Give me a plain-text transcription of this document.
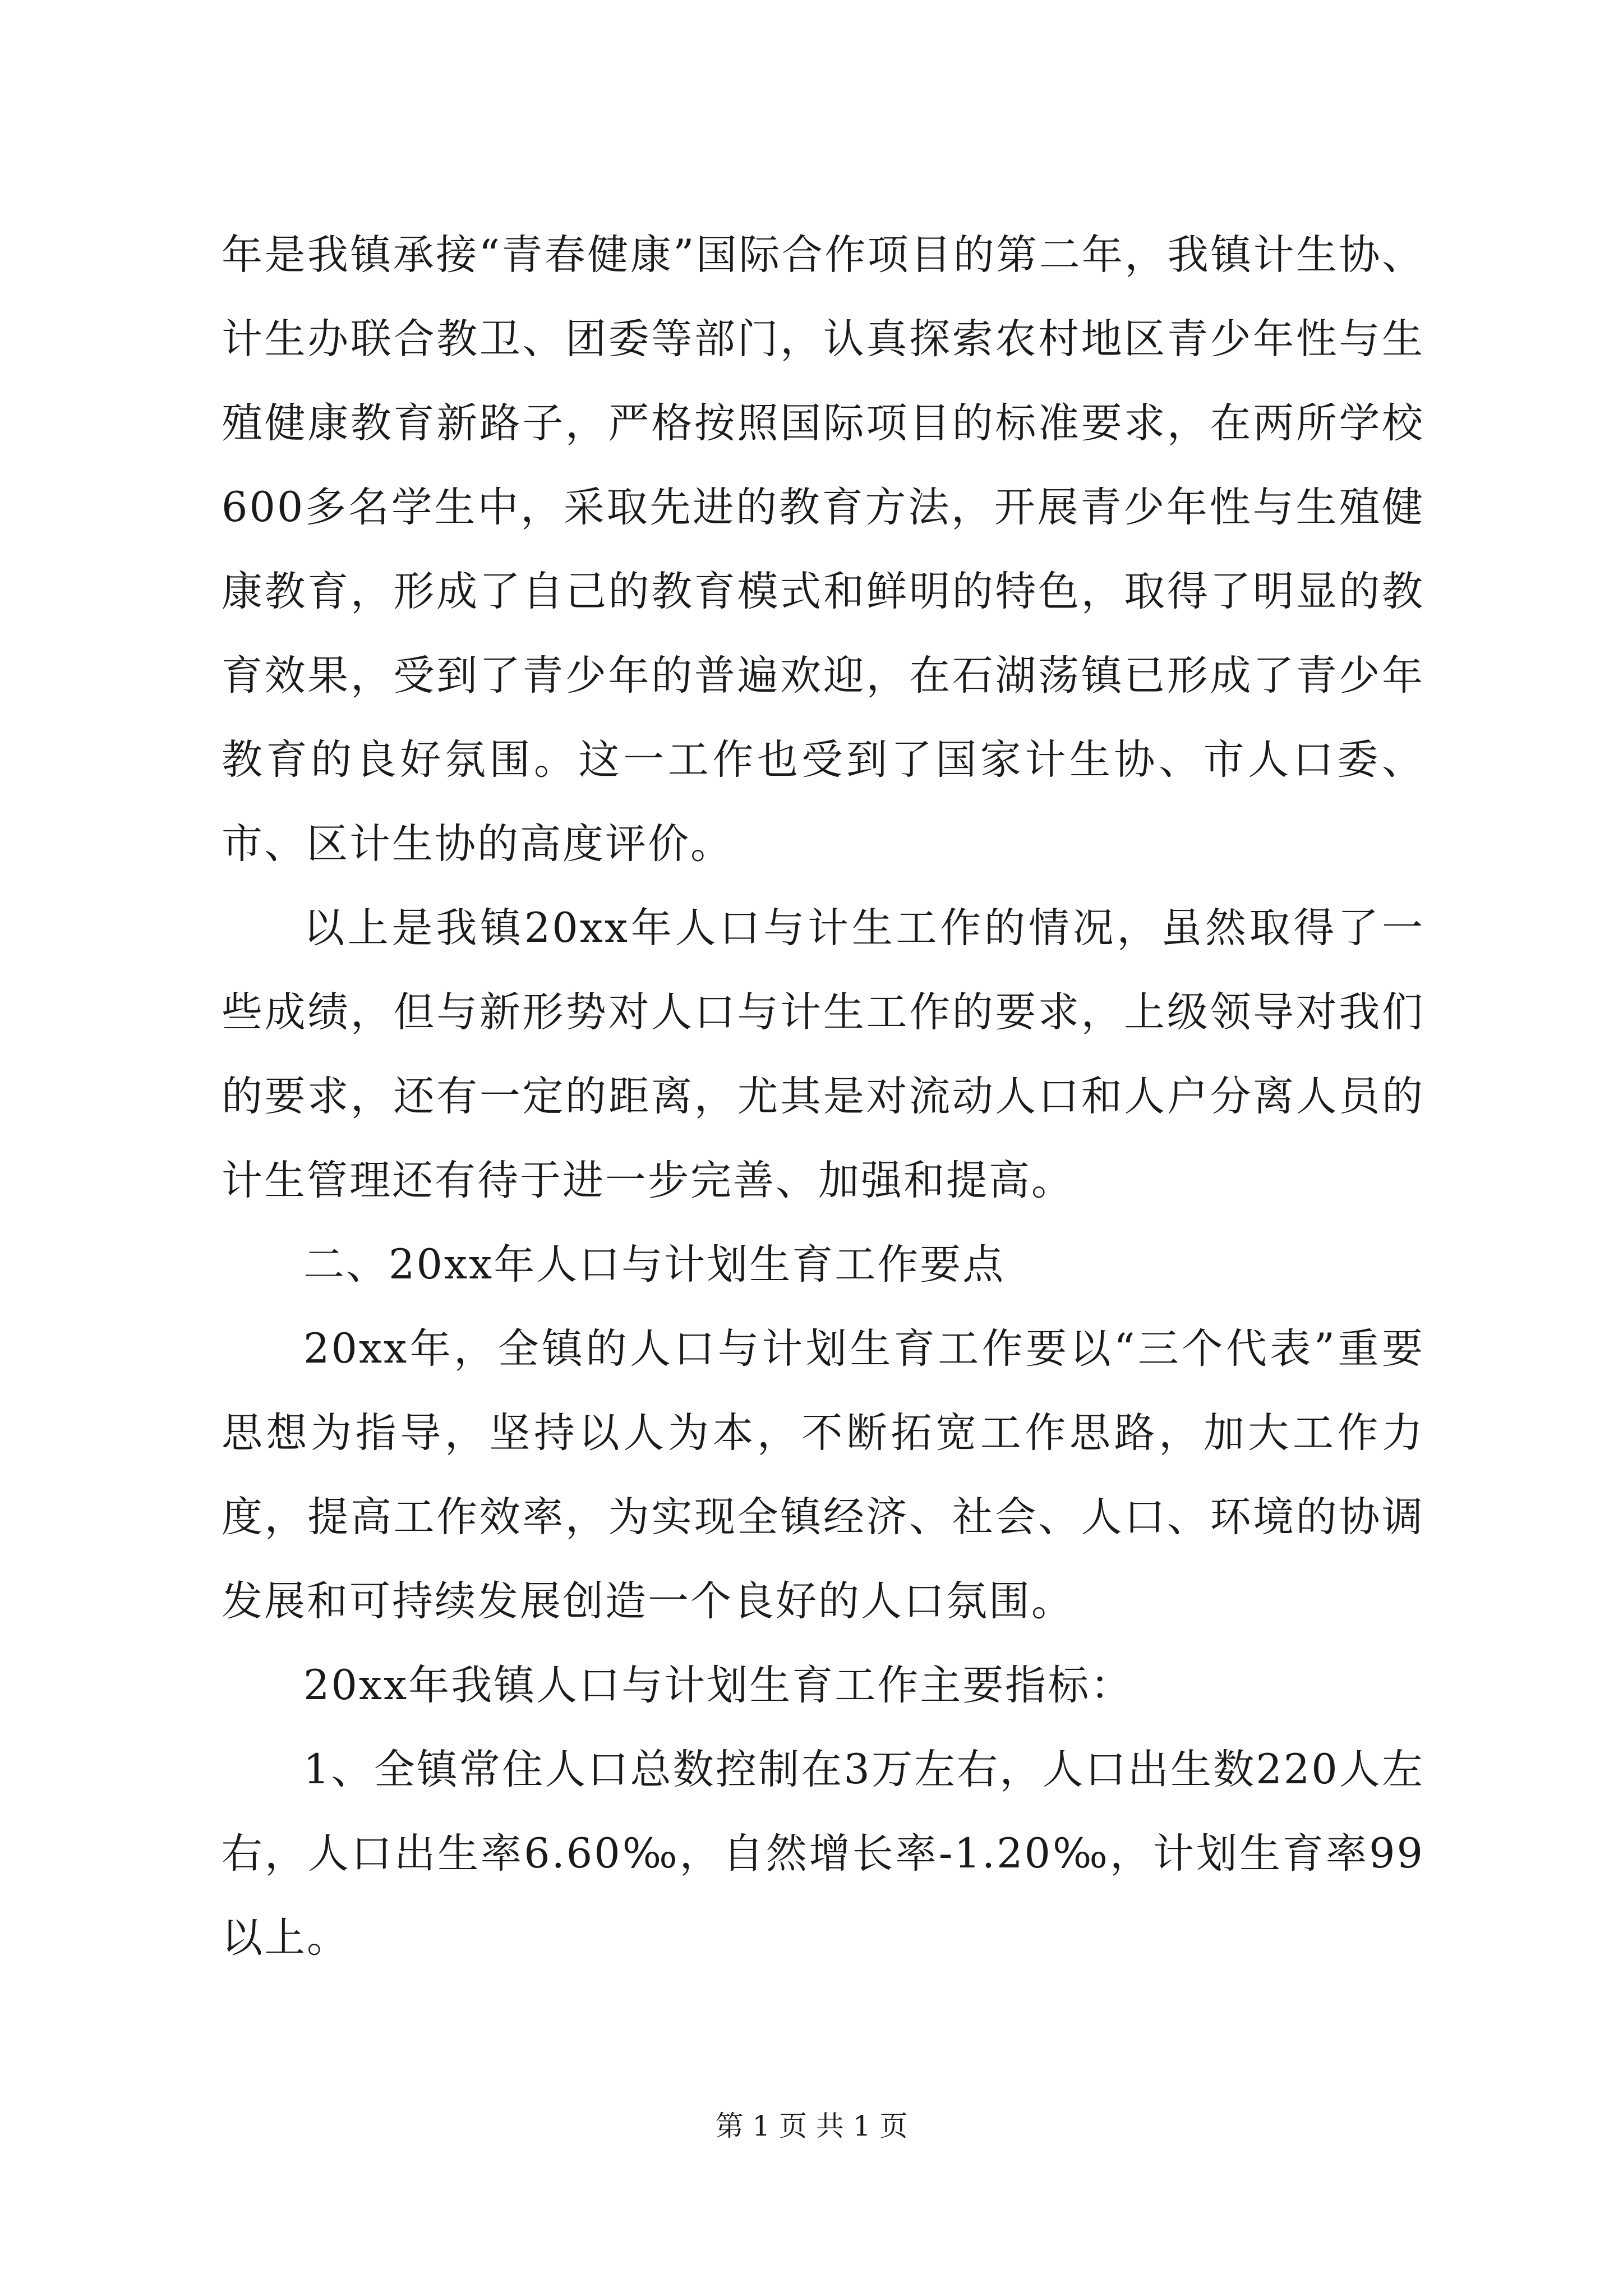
年是我镇承接“青春健康”国际合作项目的第二年，我镇计生协、计生办联合教卫、团委等部门，认真探索农村地区青少年性与生殖健康教育新路子，严格按照国际项目的标准要求，在两所学校600多名学生中，采取先进的教育方法，开展青少年性与生殖健康教育，形成了自己的教育模式和鲜明的特色，取得了明显的教育效果，受到了青少年的普遍欢迎，在石湖荡镇已形成了青少年教育的良好氛围。这一工作也受到了国家计生协、市人口委、市、区计生协的高度评价。

以上是我镇20xx年人口与计生工作的情况，虽然取得了一些成绩，但与新形势对人口与计生工作的要求，上级领导对我们的要求，还有一定的距离，尤其是对流动人口和人户分离人员的计生管理还有待于进一步完善、加强和提高。

二、20xx年人口与计划生育工作要点

20xx年，全镇的人口与计划生育工作要以“三个代表”重要思想为指导，坚持以人为本，不断拓宽工作思路，加大工作力度，提高工作效率，为实现全镇经济、社会、人口、环境的协调发展和可持续发展创造一个良好的人口氛围。

20xx年我镇人口与计划生育工作主要指标：

1、全镇常住人口总数控制在3万左右，人口出生数220人左右，人口出生率6.60‰，自然增长率-1.20‰，计划生育率99以上。

第 1 页 共 1 页
